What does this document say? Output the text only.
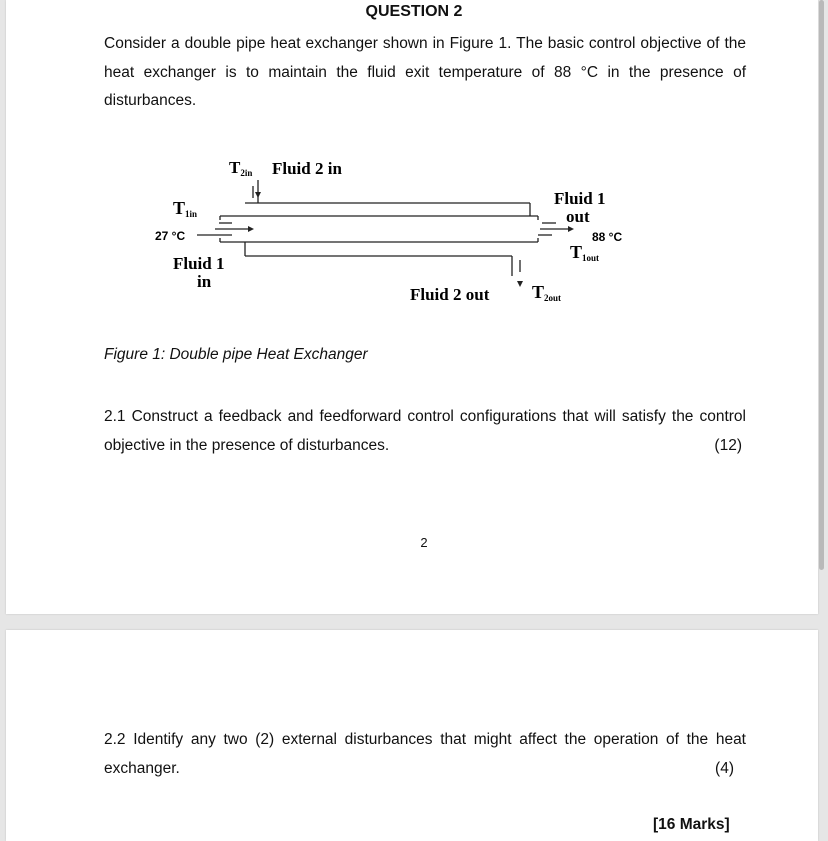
QUESTION 2
Consider a double pipe heat exchanger shown in Figure 1. The basic control objective of the heat exchanger is to maintain the fluid exit temperature of 88 °C in the presence of disturbances.
T2in Fluid 2 in
T1in
27 °C
Fluid 1
in
Fluid 1
out
88 °C
T1out
Fluid 2 out T2out
Figure 1: Double pipe Heat Exchanger
2.1 Construct a feedback and feedforward control configurations that will satisfy the control objective in the presence of disturbances.	(12)
2
2.2 Identify any two (2) external disturbances that might affect the operation of the heat exchanger.	(4)
[16 Marks]
